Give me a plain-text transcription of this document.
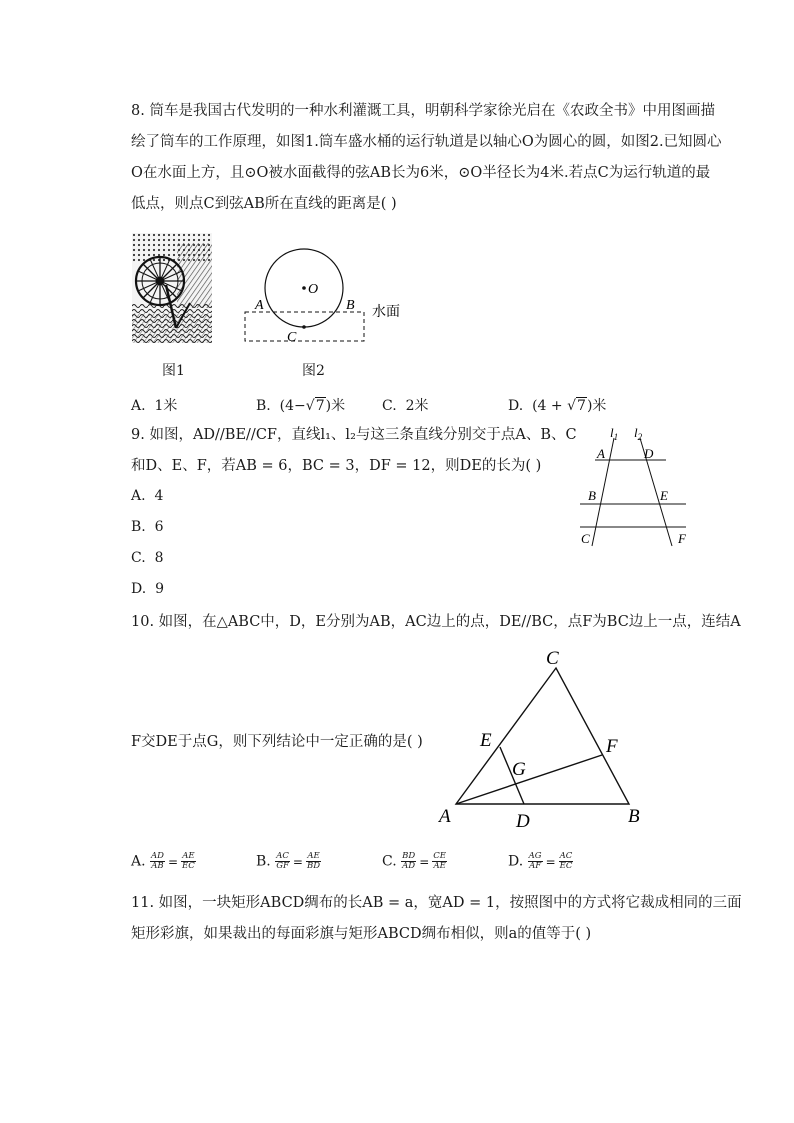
8. 筒车是我国古代发明的一种水利灌溉工具，明朝科学家徐光启在《农政全书》中用图画描
绘了筒车的工作原理，如图1.筒车盛水桶的运行轨道是以轴心O为圆心的圆，如图2.已知圆心
O在水面上方，且⊙O被水面截得的弦AB长为6米，⊙O半径长为4米.若点C为运行轨道的最
低点，则点C到弦AB所在直线的距离是( )
图1
O
A	B
C
水面
图2
A. 1米	B. (4−√7)米	C. 2米	D. (4 + √7)米
9. 如图，AD//BE//CF，直线l₁、l₂与这三条直线分别交于点A、B、C
和D、E、F，若AB = 6，BC = 3，DF = 12，则DE的长为( )
A. 4
B. 6
C. 8
D. 9
$l_1$ $l_2$
A	D
B	E
C	F
10. 如图，在△ABC中，D，E分别为AB，AC边上的点，DE//BC，点F为BC边上一点，连结A
F交DE于点G，则下列结论中一定正确的是( )
A	B
C
D
E	F
G
A. $\frac{AD}{AB} = \frac{AE}{EC}$	B. $\frac{AC}{GF} = \frac{AE}{BD}$	C. $\frac{BD}{AD} = \frac{CE}{AE}$	D. $\frac{AG}{AF} = \frac{AC}{EC}$
11. 如图，一块矩形ABCD绸布的长AB = a，宽AD = 1，按照图中的方式将它裁成相同的三面
矩形彩旗，如果裁出的每面彩旗与矩形ABCD绸布相似，则a的值等于( )
